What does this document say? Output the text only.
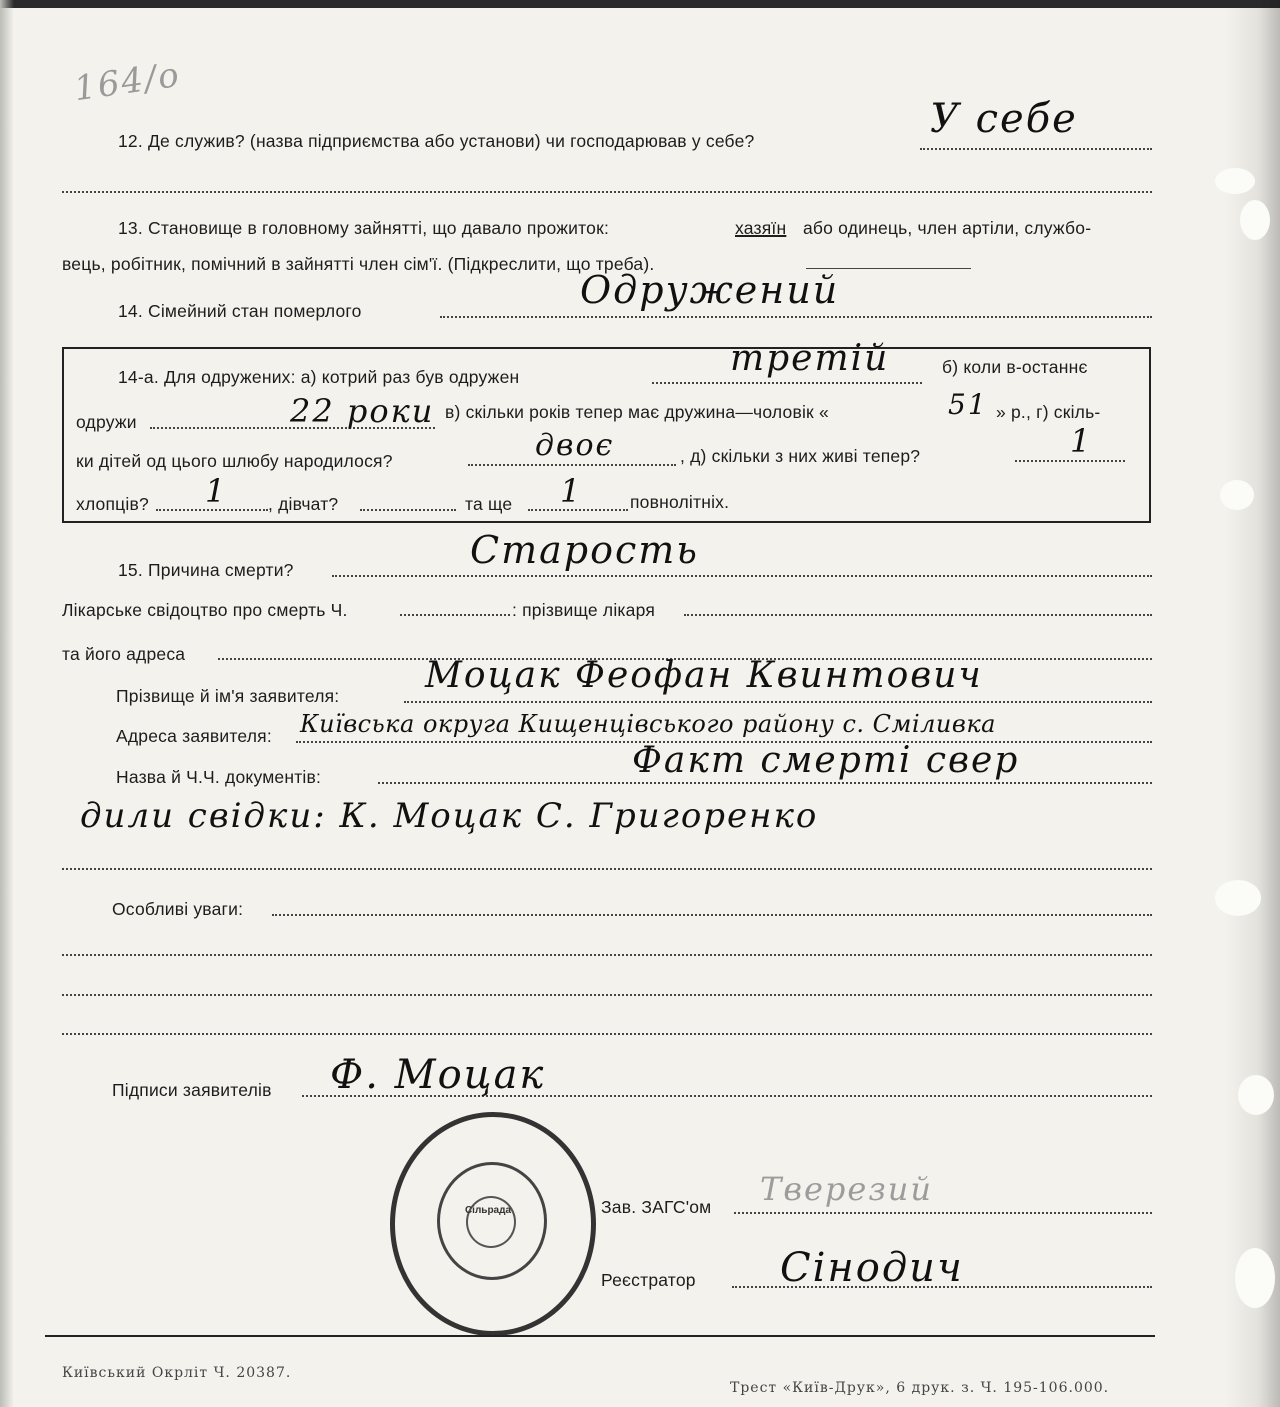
164/о
12. Де служив? (назва підприємства або установи) чи господарював у себе?	У себе
13. Становище в головному зайнятті, що давало прожиток:	хазяїн або одинець, член артіли, службо-
вець, робітник, помічний в зайнятті член сім'ї. (Підкреслити, що треба).
14. Сімейний стан померлого	Одружений
14-а. Для одружених: а) котрий раз був одружен	третій	б) коли в-останнє
одружи	22 роки в) скільки років тепер має дружина—чоловік «	51 » р., г) скіль-
ки дітей од цього шлюбу народилося?	двоє	, д) скільки з них живі тепер?	1
хлопців? 1 , дівчат?	та ще 1	повнолітніх.
15. Причина смерти?	Старость
Лікарське свідоцтво про смерть Ч.	: прізвище лікаря
та його адреса
Прізвище й ім'я заявителя: Моцак Феофан Квинтович
Адреса заявителя: Київська округа Кищенцівського району с. Сміливка
Назва й Ч.Ч. документів:	Факт смерті свер
дили свідки: К. Моцак С. Григоренко
Особливі уваги:
Підписи заявителів Ф. Моцак
Сільрада	Зав. ЗАГС'ом Тверезий
Реєстратор Сінодич
Київський Окрліт Ч. 20387.
Трест «Київ-Друк», 6 друк. з. Ч. 195-106.000.
